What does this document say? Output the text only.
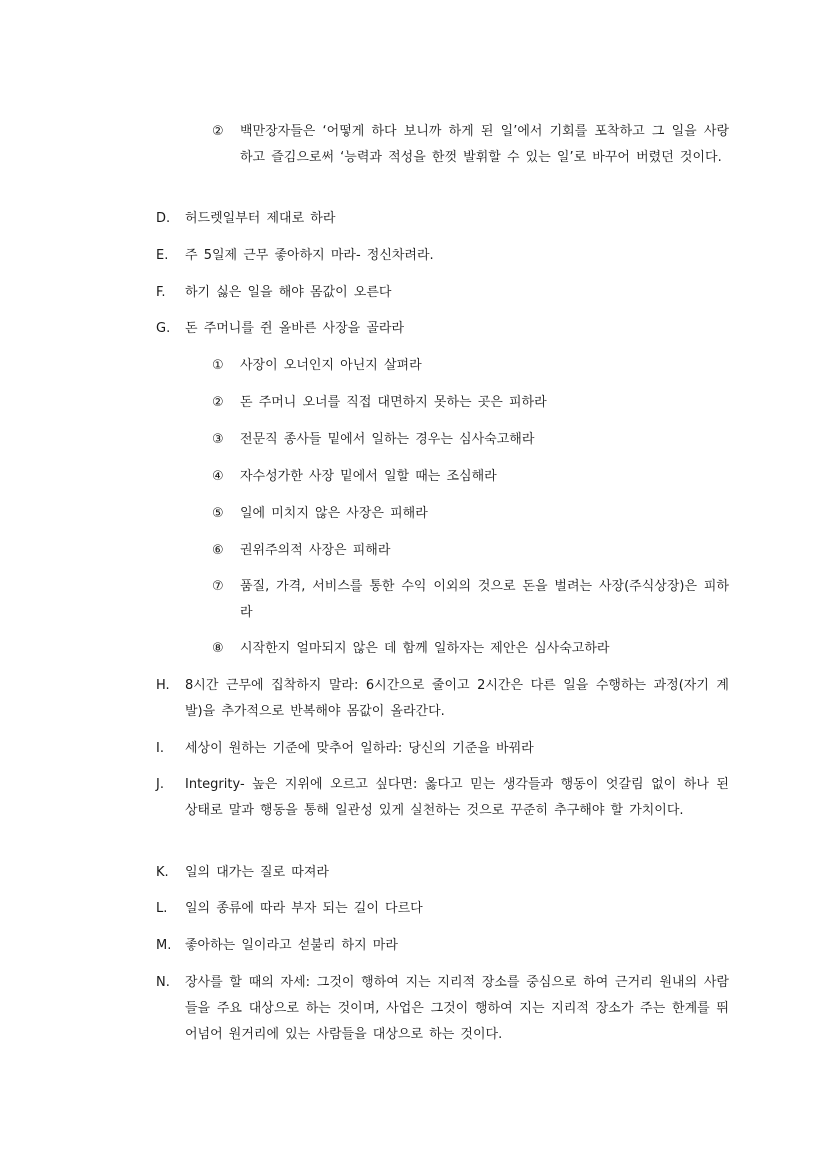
②	백만장자들은 ‘어떻게 하다 보니까 하게 된 일’에서 기회를 포착하고 그 일을 사랑하고 즐김으로써 ‘능력과 적성을 한껏 발휘할 수 있는 일’로 바꾸어 버렸던 것이다.
D.	허드렛일부터 제대로 하라
E.	주 5일제 근무 좋아하지 마라- 정신차려라.
F.	하기 싫은 일을 해야 몸값이 오른다
G.	돈 주머니를 쥔 올바른 사장을 골라라
①	사장이 오너인지 아닌지 살펴라
②	돈 주머니 오너를 직접 대면하지 못하는 곳은 피하라
③	전문직 종사들 밑에서 일하는 경우는 심사숙고해라
④	자수성가한 사장 밑에서 일할 때는 조심해라
⑤	일에 미치지 않은 사장은 피해라
⑥	권위주의적 사장은 피해라
⑦	품질, 가격, 서비스를 통한 수익 이외의 것으로 돈을 벌려는 사장(주식상장)은 피하라
⑧	시작한지 얼마되지 않은 데 함께 일하자는 제안은 심사숙고하라
H.	8시간 근무에 집착하지 말라: 6시간으로 줄이고 2시간은 다른 일을 수행하는 과정(자기 계발)을 추가적으로 반복해야 몸값이 올라간다.
I.	세상이 원하는 기준에 맞추어 일하라: 당신의 기준을 바꿔라
J.	Integrity- 높은 지위에 오르고 싶다면: 옳다고 믿는 생각들과 행동이 엇갈림 없이 하나 된 상태로 말과 행동을 통해 일관성 있게 실천하는 것으로 꾸준히 추구해야 할 가치이다.
K.	일의 대가는 질로 따져라
L.	일의 종류에 따라 부자 되는 길이 다르다
M.	좋아하는 일이라고 섣불리 하지 마라
N.	장사를 할 때의 자세: 그것이 행하여 지는 지리적 장소를 중심으로 하여 근거리 원내의 사람들을 주요 대상으로 하는 것이며, 사업은 그것이 행하여 지는 지리적 장소가 주는 한계를 뛰어넘어 원거리에 있는 사람들을 대상으로 하는 것이다.
